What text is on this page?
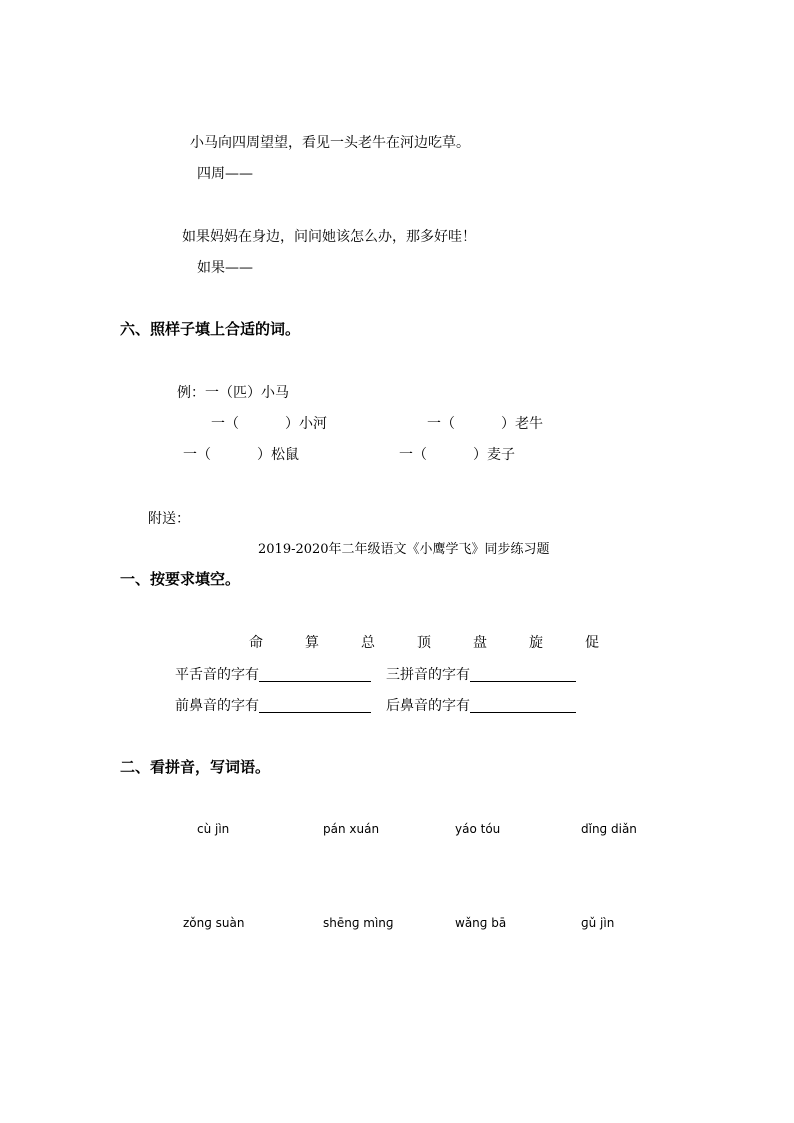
小马向四周望望，看见一头老牛在河边吃草。
四周——
如果妈妈在身边，问问她该怎么办，那多好哇！
如果——
六、照样子填上合适的词。
例：一（匹）小马
一（	）小河	一（	）老牛
一（	）松鼠	一（	）麦子
附送：
2019-2020年二年级语文《小鹰学飞》同步练习题
一、按要求填空。
命	算	总	顶	盘	旋	促
平舌音的字有	三拼音的字有
前鼻音的字有	后鼻音的字有
二、看拼音，写词语。
cù jìn	pán xuán	yáo tóu	dǐnɡ diǎn
zǒnɡ suàn	shēnɡ mìnɡ	wǎnɡ bā	ɡǔ jìn
